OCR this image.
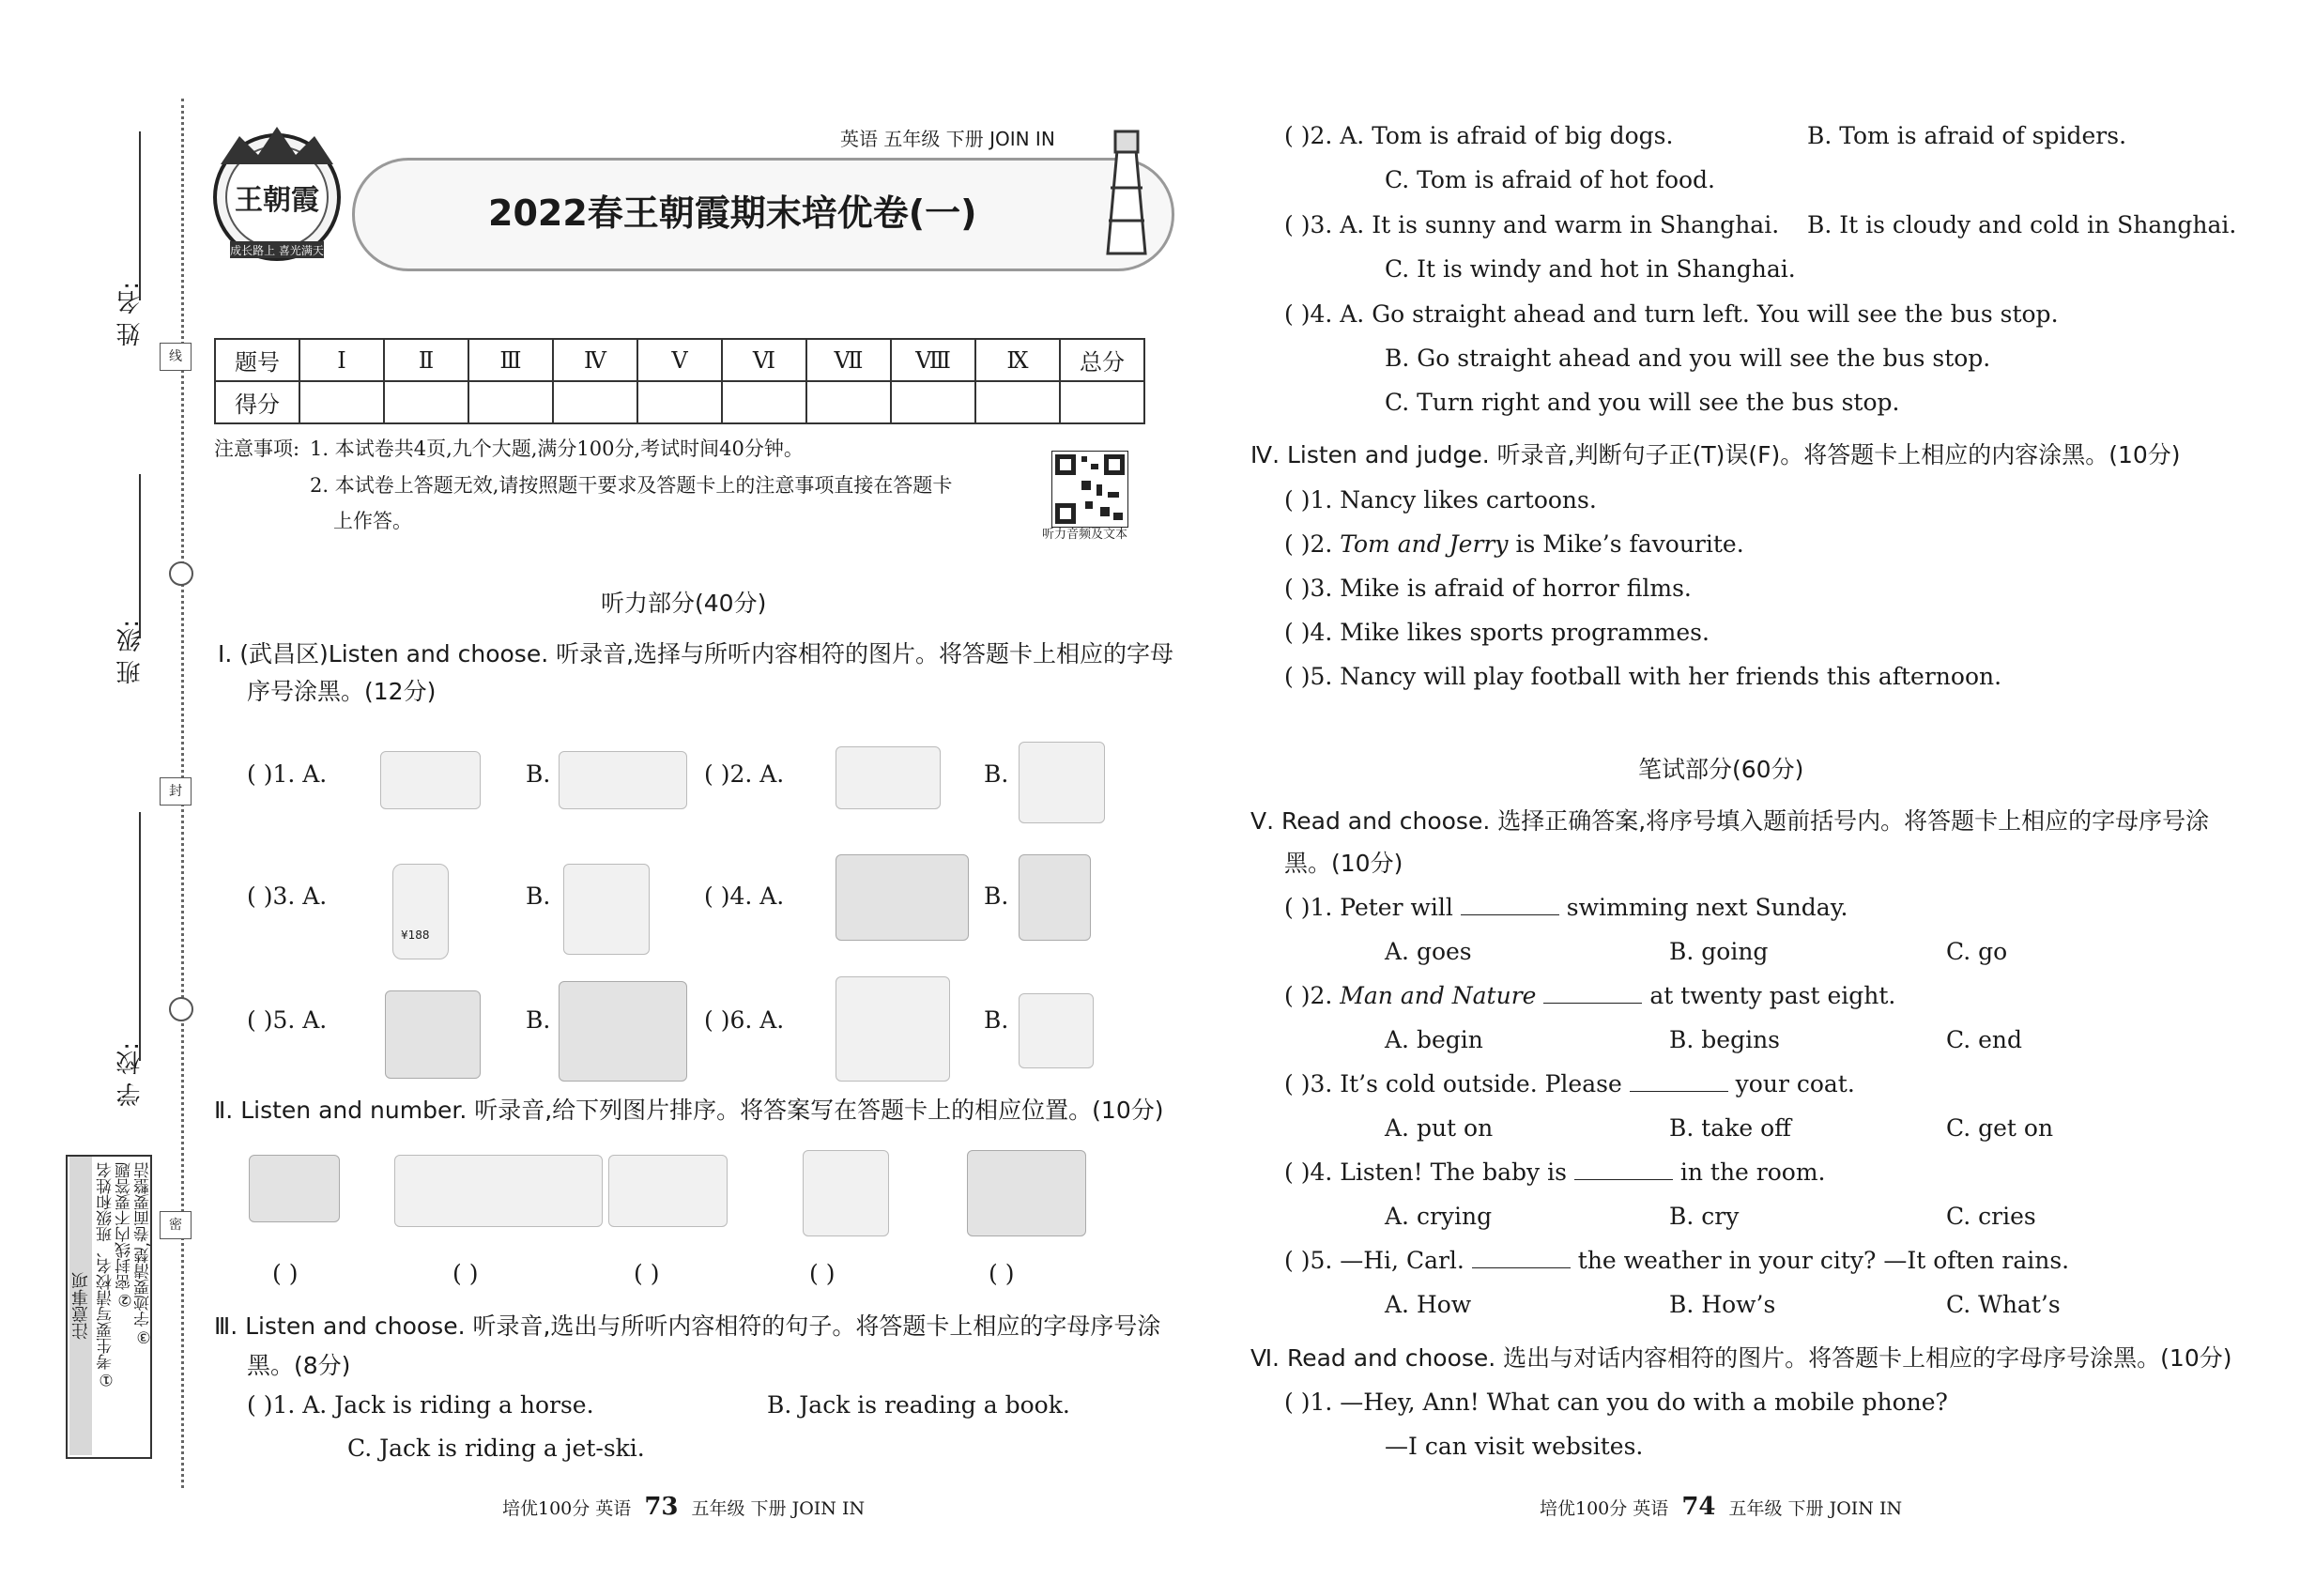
线
封
密
姓 名:
班 级:
学 校:
注意事项 ①考生要写清校名、班级和姓名 ②密封线内不要答题 ③字迹要清楚,卷面要整洁
王朝霞
成长路上 喜光满天
英语 五年级 下册 JOIN IN
2022春王朝霞期末培优卷(一)
题号	Ⅰ	Ⅱ	Ⅲ	Ⅳ	Ⅴ	Ⅵ	Ⅶ	Ⅷ	Ⅸ	总分
得分										
注意事项: 1. 本试卷共4页,九个大题,满分100分,考试时间40分钟。
2. 本试卷上答题无效,请按照题干要求及答题卡上的注意事项直接在答题卡
上作答。
听力音频及文本
听力部分(40分)
Ⅰ. (武昌区)Listen and choose. 听录音,选择与所听内容相符的图片。将答题卡上相应的字母
序号涂黑。(12分)
( )1. A.	B.	( )2. A.	B.
( )3. A.
¥188
B.	( )4. A.	B.
( )5. A.	B.	( )6. A.	B.
Ⅱ. Listen and number. 听录音,给下列图片排序。将答案写在答题卡上的相应位置。(10分)
( )	( )	( )	( )	( )
Ⅲ. Listen and choose. 听录音,选出与所听内容相符的句子。将答题卡上相应的字母序号涂
黑。(8分)
( )1. A. Jack is riding a horse.	B. Jack is reading a book.
C. Jack is riding a jet-ski.
( )2. A. Tom is afraid of big dogs.	B. Tom is afraid of spiders.
C. Tom is afraid of hot food.
( )3. A. It is sunny and warm in Shanghai. B. It is cloudy and cold in Shanghai.
C. It is windy and hot in Shanghai.
( )4. A. Go straight ahead and turn left. You will see the bus stop.
B. Go straight ahead and you will see the bus stop.
C. Turn right and you will see the bus stop.
Ⅳ. Listen and judge. 听录音,判断句子正(T)误(F)。将答题卡上相应的内容涂黑。(10分)
( )1. Nancy likes cartoons.
( )2. Tom and Jerry is Mike’s favourite.
( )3. Mike is afraid of horror films.
( )4. Mike likes sports programmes.
( )5. Nancy will play football with her friends this afternoon.
笔试部分(60分)
Ⅴ. Read and choose. 选择正确答案,将序号填入题前括号内。将答题卡上相应的字母序号涂
黑。(10分)
( )1. Peter will	swimming next Sunday.
A. goes	B. going	C. go
( )2. Man and Nature	at twenty past eight.
A. begin	B. begins	C. end
( )3. It’s cold outside. Please	your coat.
A. put on	B. take off	C. get on
( )4. Listen! The baby is	in the room.
A. crying	B. cry	C. cries
( )5. —Hi, Carl.	the weather in your city? —It often rains.
A. How	B. How’s	C. What’s
Ⅵ. Read and choose. 选出与对话内容相符的图片。将答题卡上相应的字母序号涂黑。(10分)
( )1. —Hey, Ann! What can you do with a mobile phone?
—I can visit websites.
培优100分 英语 73 五年级 下册 JOIN IN	培优100分 英语 74 五年级 下册 JOIN IN
